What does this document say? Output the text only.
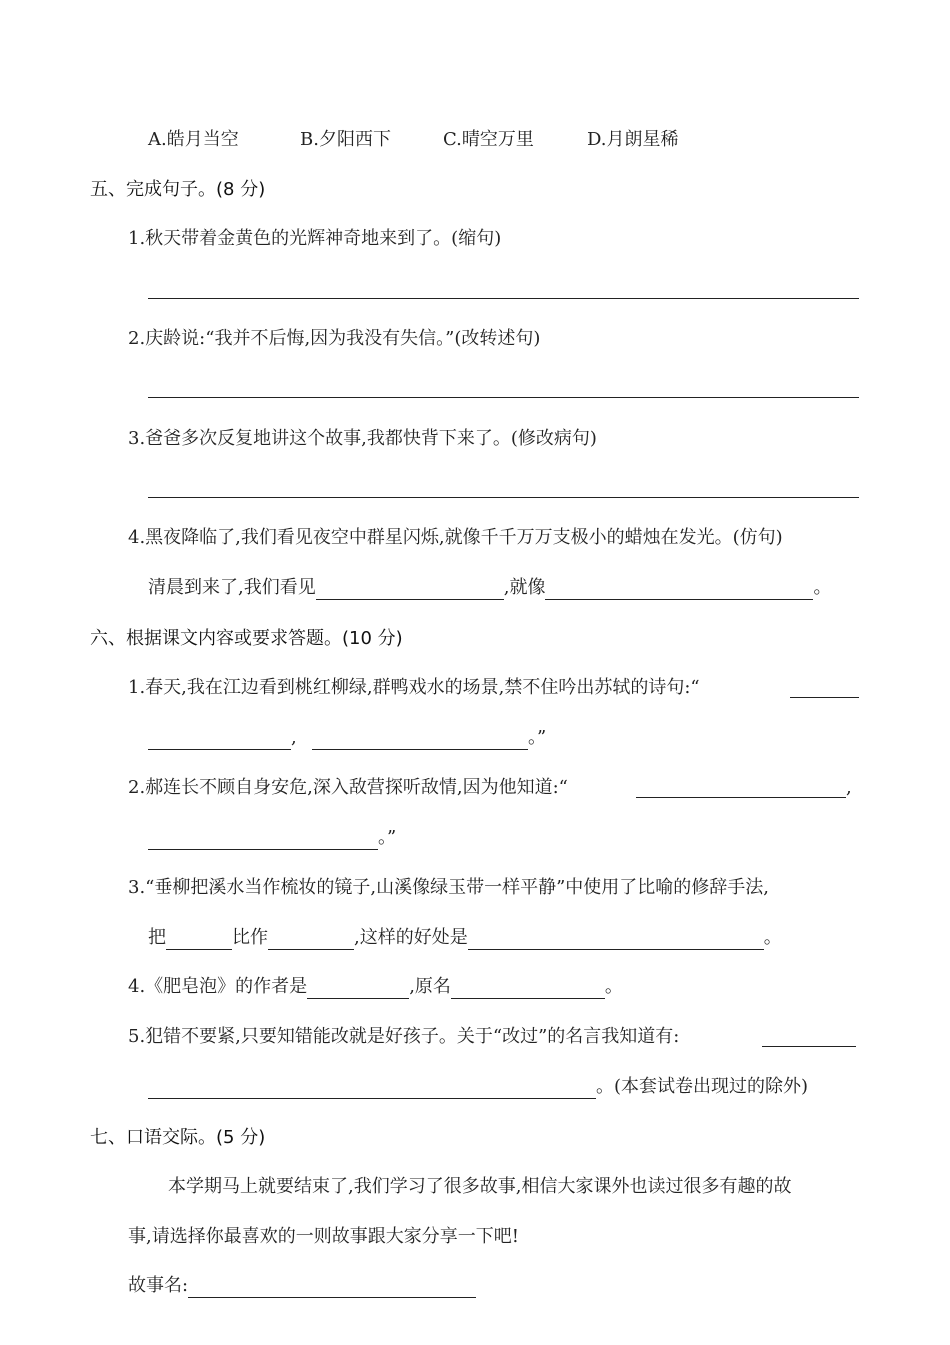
A.皓月当空	B.夕阳西下	C.晴空万里	D.月朗星稀
五、完成句子。(8 分)
1.秋天带着金黄色的光辉神奇地来到了。(缩句)
2.庆龄说:“我并不后悔,因为我没有失信。”(改转述句)
3.爸爸多次反复地讲这个故事,我都快背下来了。(修改病句)
4.黑夜降临了,我们看见夜空中群星闪烁,就像千千万万支极小的蜡烛在发光。(仿句)
清晨到来了,我们看见	,就像	。
六、根据课文内容或要求答题。(10 分)
1.春天,我在江边看到桃红柳绿,群鸭戏水的场景,禁不住吟出苏轼的诗句:“
,	。”
2.郝连长不顾自身安危,深入敌营探听敌情,因为他知道:“	,
。”
3.“垂柳把溪水当作梳妆的镜子,山溪像绿玉带一样平静”中使用了比喻的修辞手法,
把	比作	,这样的好处是	。
4.《肥皂泡》的作者是	,原名	。
5.犯错不要紧,只要知错能改就是好孩子。关于“改过”的名言我知道有:
。(本套试卷出现过的除外)
七、口语交际。(5 分)
本学期马上就要结束了,我们学习了很多故事,相信大家课外也读过很多有趣的故
事,请选择你最喜欢的一则故事跟大家分享一下吧!
故事名:
